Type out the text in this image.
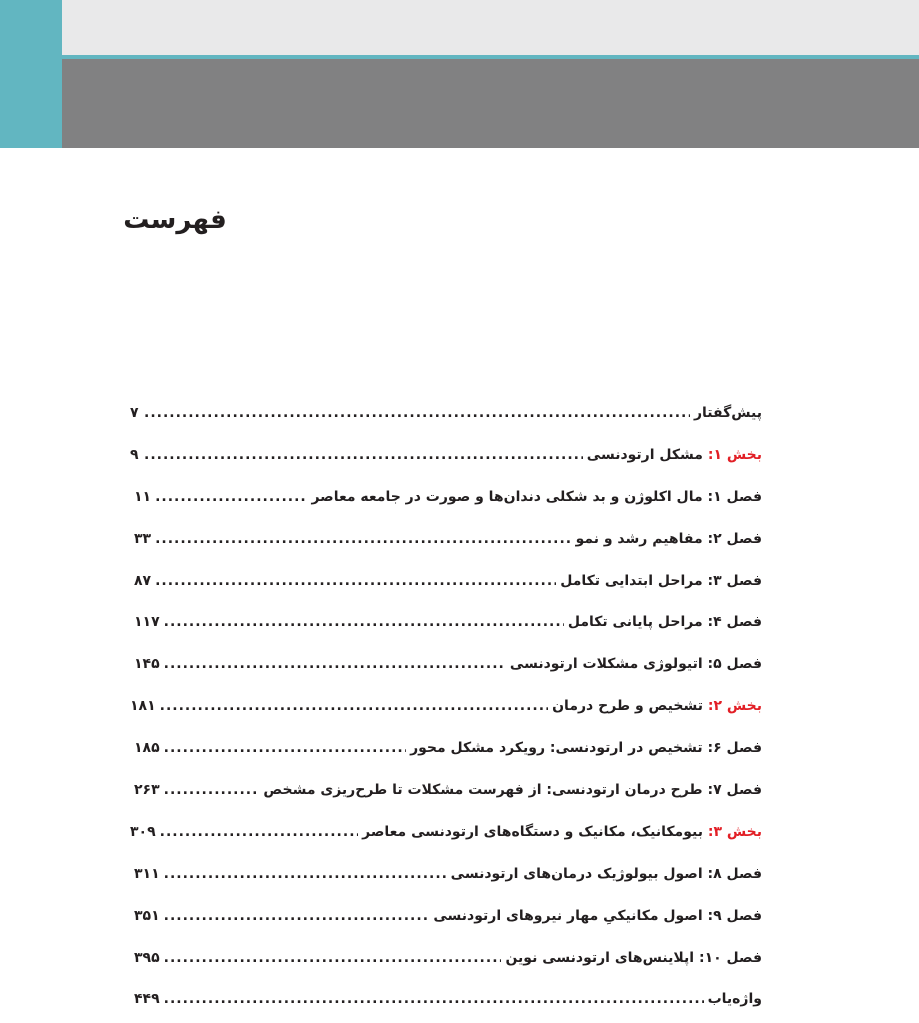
فهرست
پیش‌گفتار
.....
۷
بخش ۱: مشکل ارتودنسی
.....
۹
فصل ۱: مال اکلوژن و بد شکلی دندان‌ها و صورت در جامعه معاصر
.....
۱۱
فصل ۲: مفاهیم رشد و نمو
.....
۳۳
فصل ۳: مراحل ابتدایی تکامل
.....
۸۷
فصل ۴: مراحل پایانی تکامل
.....
۱۱۷
فصل ۵: اتیولوژی مشکلات ارتودنسی
.....
۱۴۵
بخش ۲: تشخیص و طرح درمان
.....
۱۸۱
فصل ۶: تشخیص در ارتودنسی: رویکرد مشکل محور
.....
۱۸۵
فصل ۷: طرح درمان ارتودنسی: از فهرست مشکلات تا طرح‌ریزی مشخص
.....
۲۶۳
بخش ۳: بیومکانیک، مکانیک و دستگاه‌های ارتودنسی معاصر
.....
۳۰۹
فصل ۸: اصول بیولوژیک درمان‌های ارتودنسی
.....
۳۱۱
فصل ۹: اصول مکانیکیِ مهار نیروهای ارتودنسی
.....
۳۵۱
فصل ۱۰: اپلاینس‌های ارتودنسی نوین
.....
۳۹۵
واژه‌یاب
.....
۴۴۹
